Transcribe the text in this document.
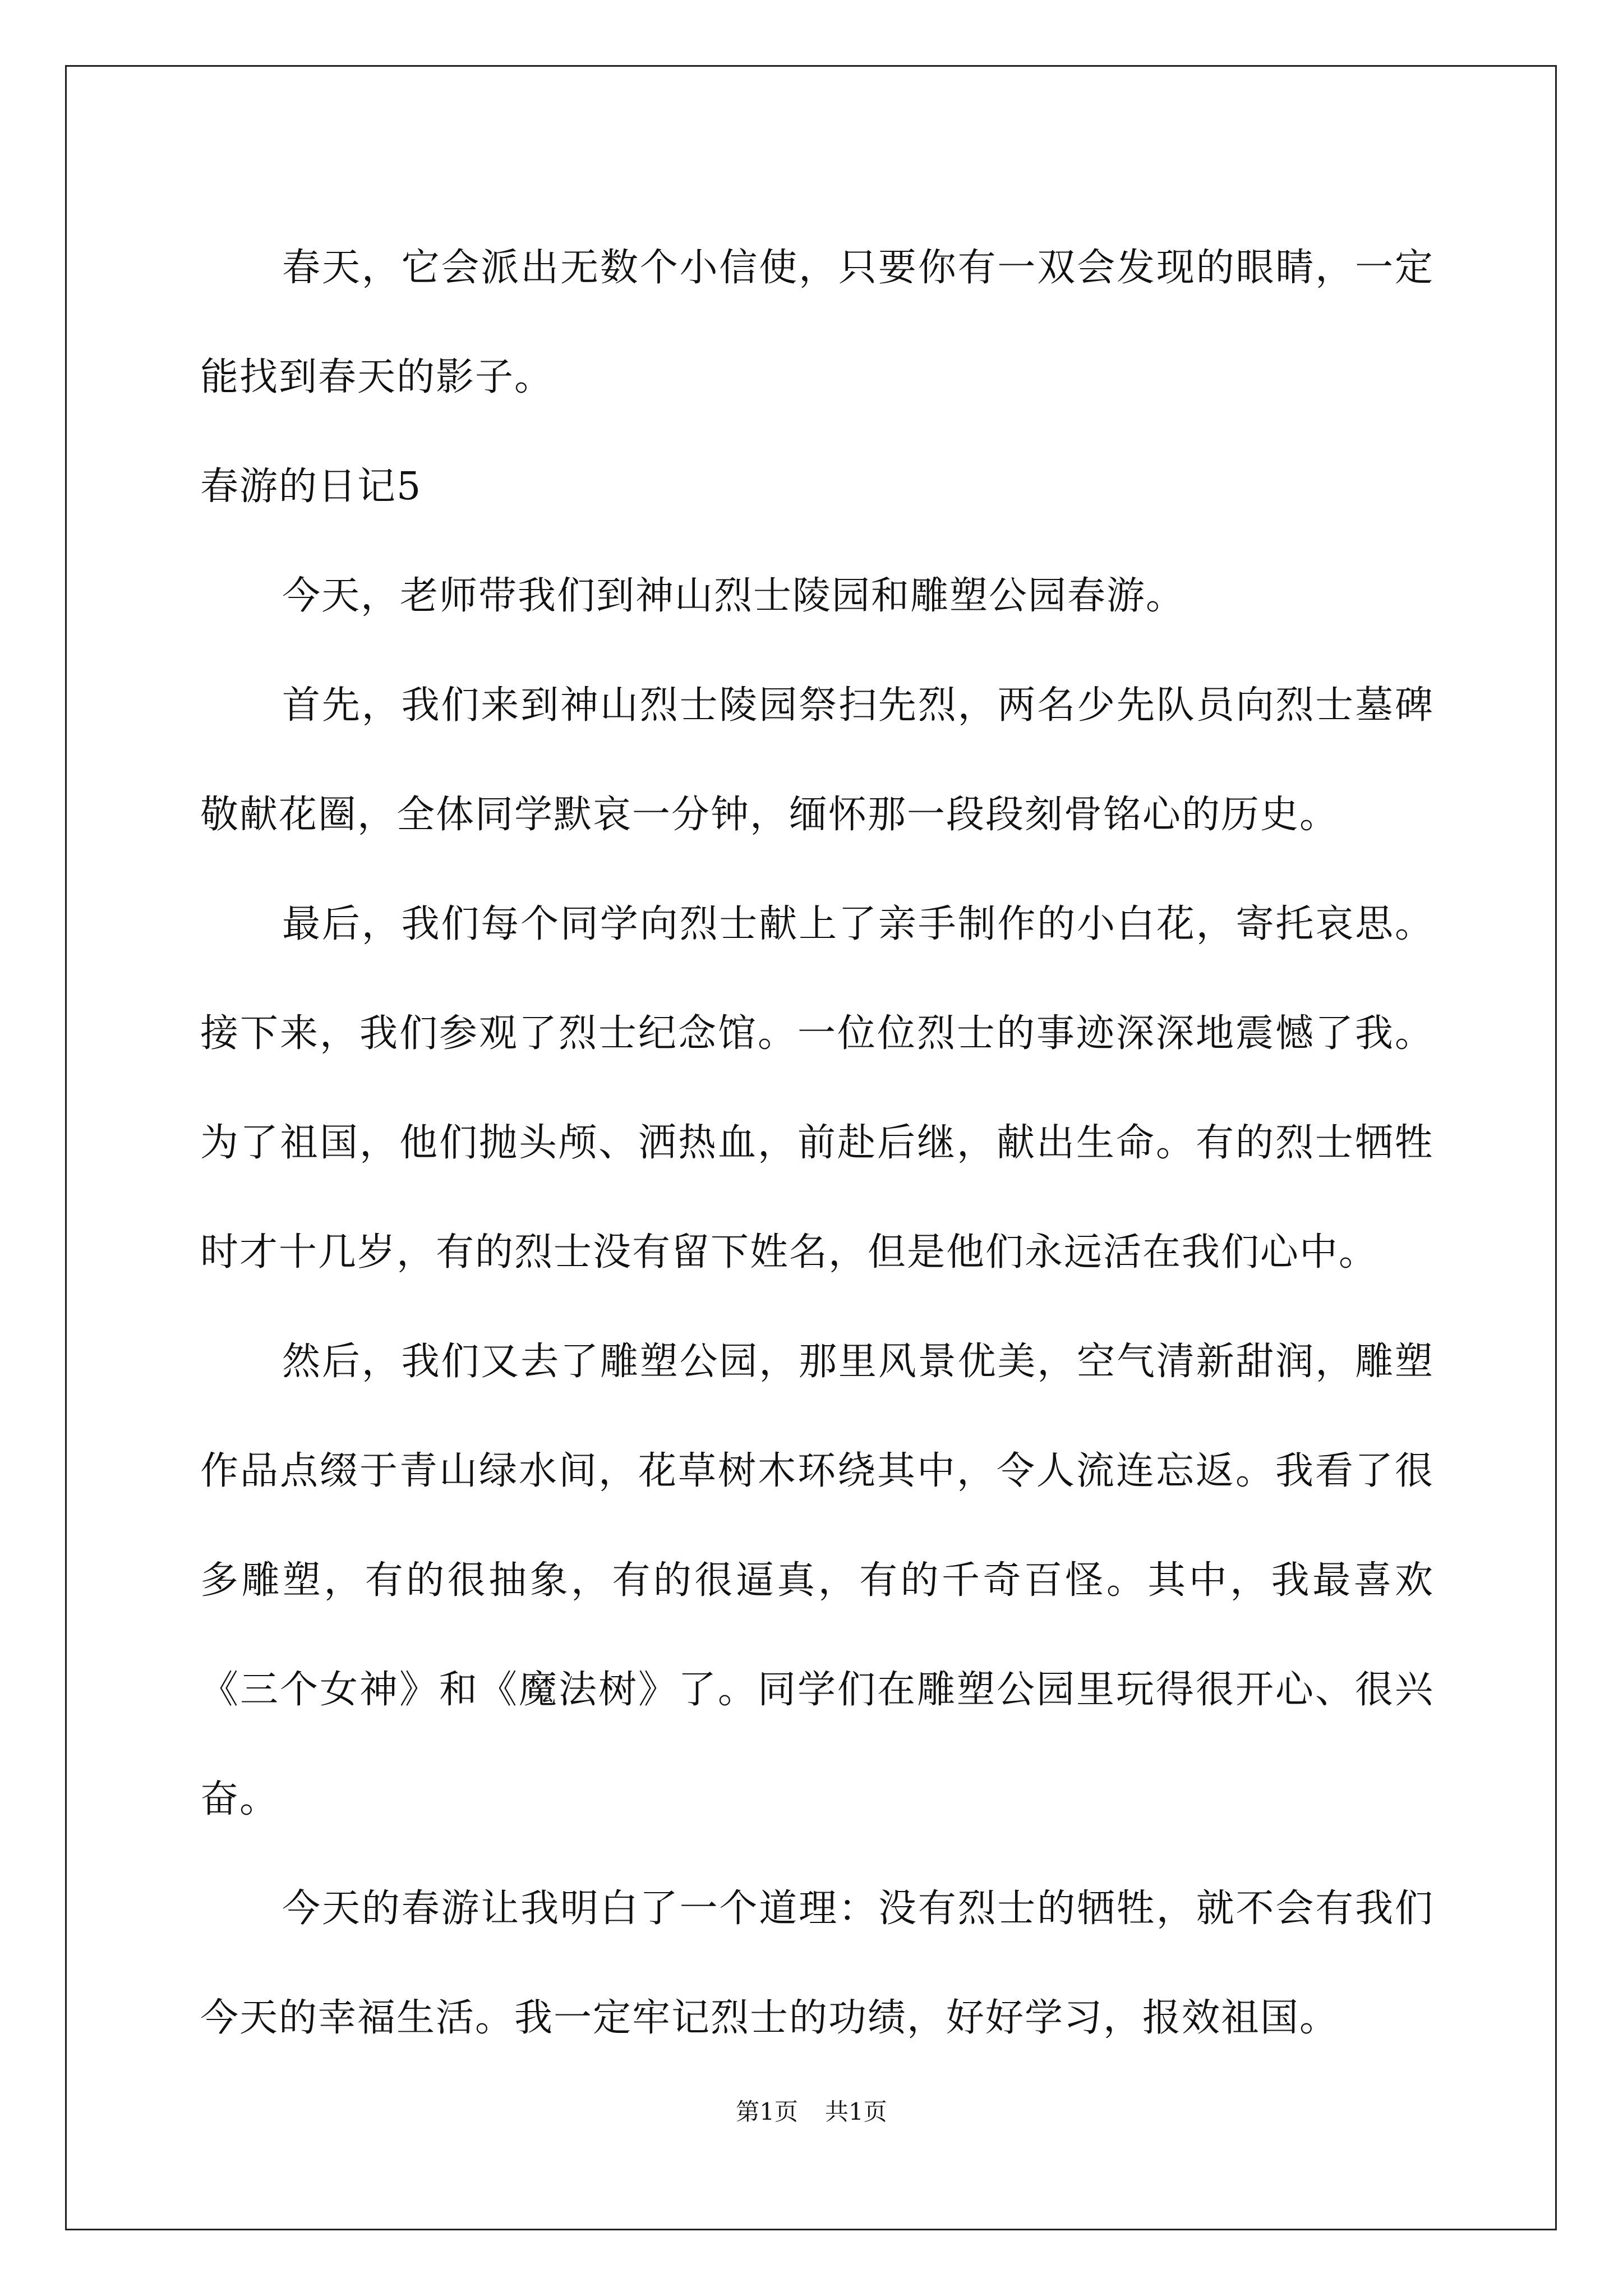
春天，它会派出无数个小信使，只要你有一双会发现的眼睛，一定能找到春天的影子。

春游的日记5

今天，老师带我们到神山烈士陵园和雕塑公园春游。

首先，我们来到神山烈士陵园祭扫先烈，两名少先队员向烈士墓碑敬献花圈，全体同学默哀一分钟，缅怀那一段段刻骨铭心的历史。

最后，我们每个同学向烈士献上了亲手制作的小白花，寄托哀思。接下来，我们参观了烈士纪念馆。一位位烈士的事迹深深地震憾了我。为了祖国，他们抛头颅、洒热血，前赴后继，献出生命。有的烈士牺牲时才十几岁，有的烈士没有留下姓名，但是他们永远活在我们心中。

然后，我们又去了雕塑公园，那里风景优美，空气清新甜润，雕塑作品点缀于青山绿水间，花草树木环绕其中，令人流连忘返。我看了很多雕塑，有的很抽象，有的很逼真，有的千奇百怪。其中，我最喜欢《三个女神》和《魔法树》了。同学们在雕塑公园里玩得很开心、很兴奋。

今天的春游让我明白了一个道理：没有烈士的牺牲，就不会有我们今天的幸福生活。我一定牢记烈士的功绩，好好学习，报效祖国。

第1页 共1页
